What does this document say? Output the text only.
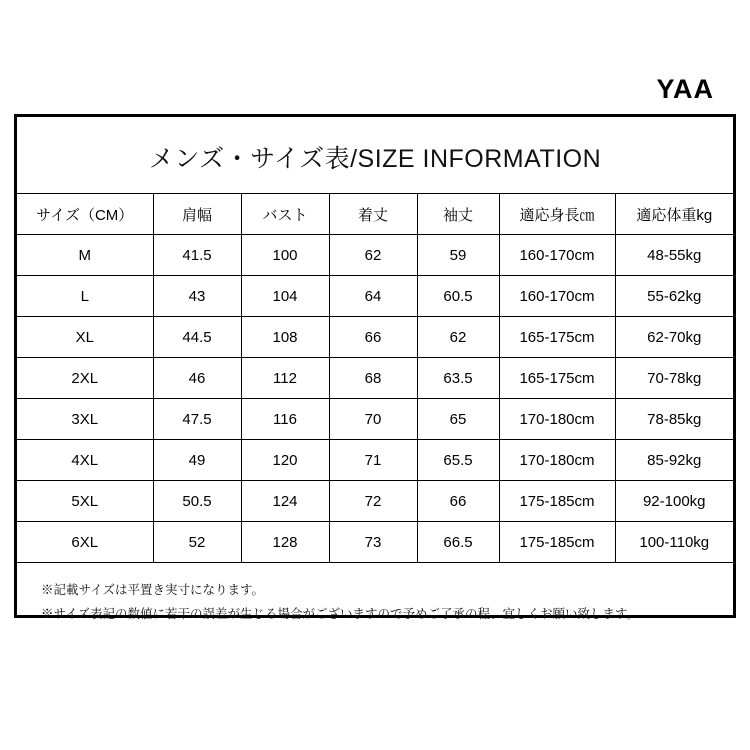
YAA
メンズ・サイズ表/SIZE INFORMATION
サイズ（CM）	肩幅	バスト	着丈	袖丈	適応身長㎝	適応体重kg
M	41.5	100	62	59	160-170cm	48-55kg
L	43	104	64	60.5	160-170cm	55-62kg
XL	44.5	108	66	62	165-175cm	62-70kg
2XL	46	112	68	63.5	165-175cm	70-78kg
3XL	47.5	116	70	65	170-180cm	78-85kg
4XL	49	120	71	65.5	170-180cm	85-92kg
5XL	50.5	124	72	66	175-185cm	92-100kg
6XL	52	128	73	66.5	175-185cm	100-110kg
※記載サイズは平置き実寸になります。
※サイズ表記の数値に若干の誤差が生じる場合がございますので予めご了承の程、宜しくお願い致します。
